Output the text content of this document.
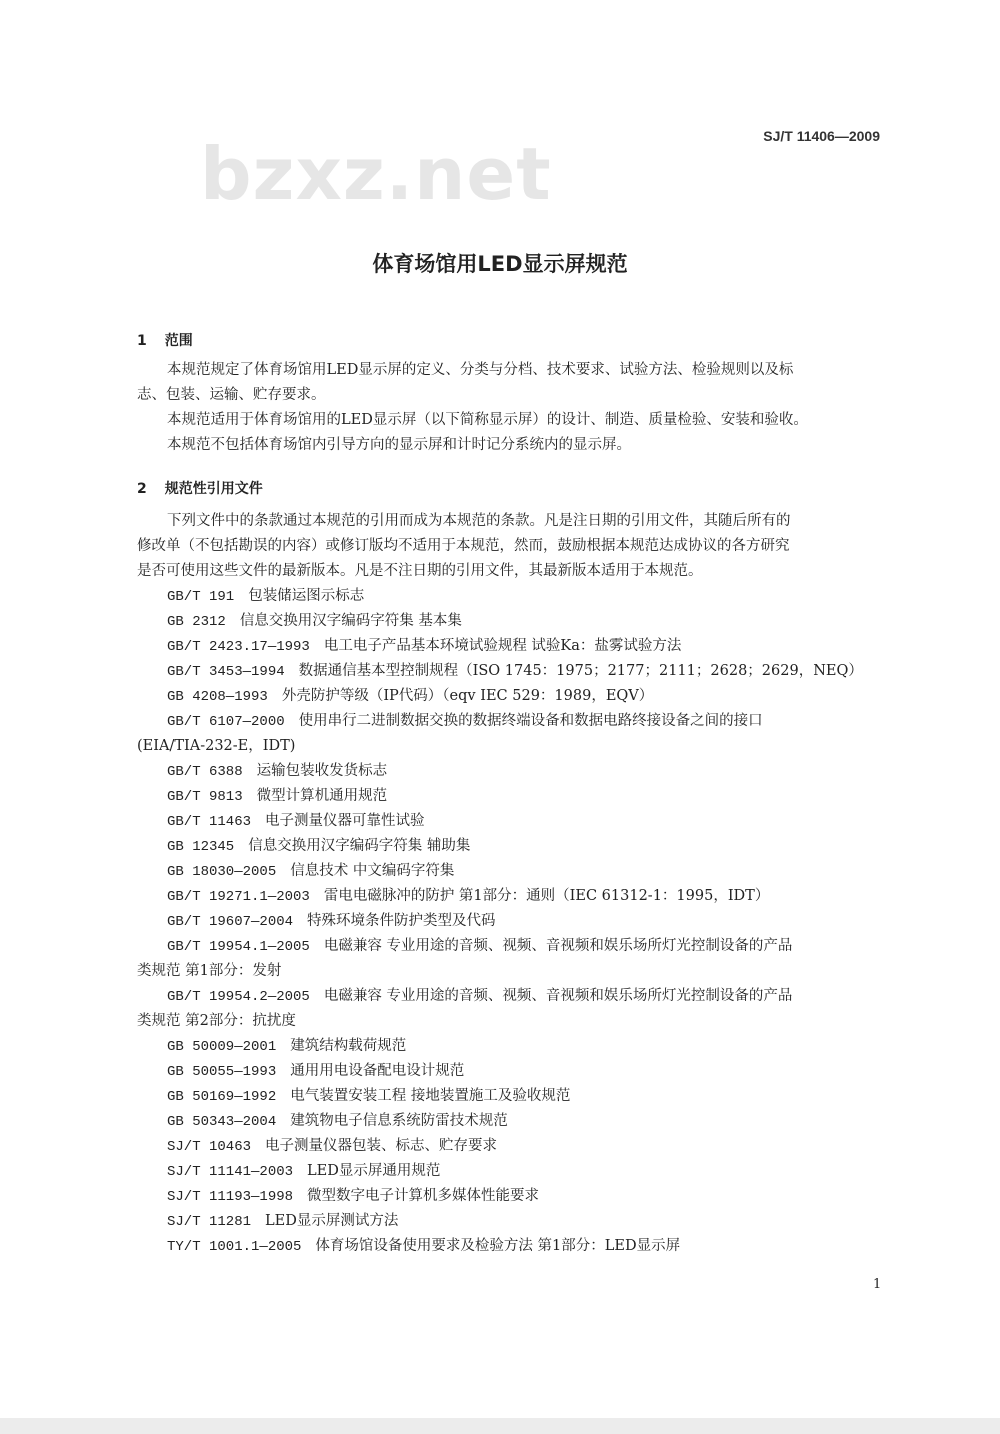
SJ/T 11406—2009
bzxz.net
体育场馆用LED显示屏规范
1 范围
本规范规定了体育场馆用LED显示屏的定义、分类与分档、技术要求、试验方法、检验规则以及标
志、包装、运输、贮存要求。
本规范适用于体育场馆用的LED显示屏（以下简称显示屏）的设计、制造、质量检验、安装和验收。
本规范不包括体育场馆内引导方向的显示屏和计时记分系统内的显示屏。
2 规范性引用文件
下列文件中的条款通过本规范的引用而成为本规范的条款。凡是注日期的引用文件，其随后所有的
修改单（不包括勘误的内容）或修订版均不适用于本规范，然而，鼓励根据本规范达成协议的各方研究
是否可使用这些文件的最新版本。凡是不注日期的引用文件，其最新版本适用于本规范。
GB/T 191 包装储运图示标志
GB 2312 信息交换用汉字编码字符集 基本集
GB/T 2423.17—1993 电工电子产品基本环境试验规程 试验Ka：盐雾试验方法
GB/T 3453—1994 数据通信基本型控制规程（ISO 1745：1975；2177；2111；2628；2629，NEQ）
GB 4208—1993 外壳防护等级（IP代码）（eqv IEC 529：1989，EQV）
GB/T 6107—2000 使用串行二进制数据交换的数据终端设备和数据电路终接设备之间的接口
(EIA/TIA-232-E，IDT)
GB/T 6388 运输包装收发货标志
GB/T 9813 微型计算机通用规范
GB/T 11463 电子测量仪器可靠性试验
GB 12345 信息交换用汉字编码字符集 辅助集
GB 18030—2005 信息技术 中文编码字符集
GB/T 19271.1—2003 雷电电磁脉冲的防护 第1部分：通则（IEC 61312-1：1995，IDT）
GB/T 19607—2004 特殊环境条件防护类型及代码
GB/T 19954.1—2005 电磁兼容 专业用途的音频、视频、音视频和娱乐场所灯光控制设备的产品
类规范 第1部分：发射
GB/T 19954.2—2005 电磁兼容 专业用途的音频、视频、音视频和娱乐场所灯光控制设备的产品
类规范 第2部分：抗扰度
GB 50009—2001 建筑结构载荷规范
GB 50055—1993 通用用电设备配电设计规范
GB 50169—1992 电气装置安装工程 接地装置施工及验收规范
GB 50343—2004 建筑物电子信息系统防雷技术规范
SJ/T 10463 电子测量仪器包装、标志、贮存要求
SJ/T 11141—2003 LED显示屏通用规范
SJ/T 11193—1998 微型数字电子计算机多媒体性能要求
SJ/T 11281 LED显示屏测试方法
TY/T 1001.1—2005 体育场馆设备使用要求及检验方法 第1部分：LED显示屏
1
